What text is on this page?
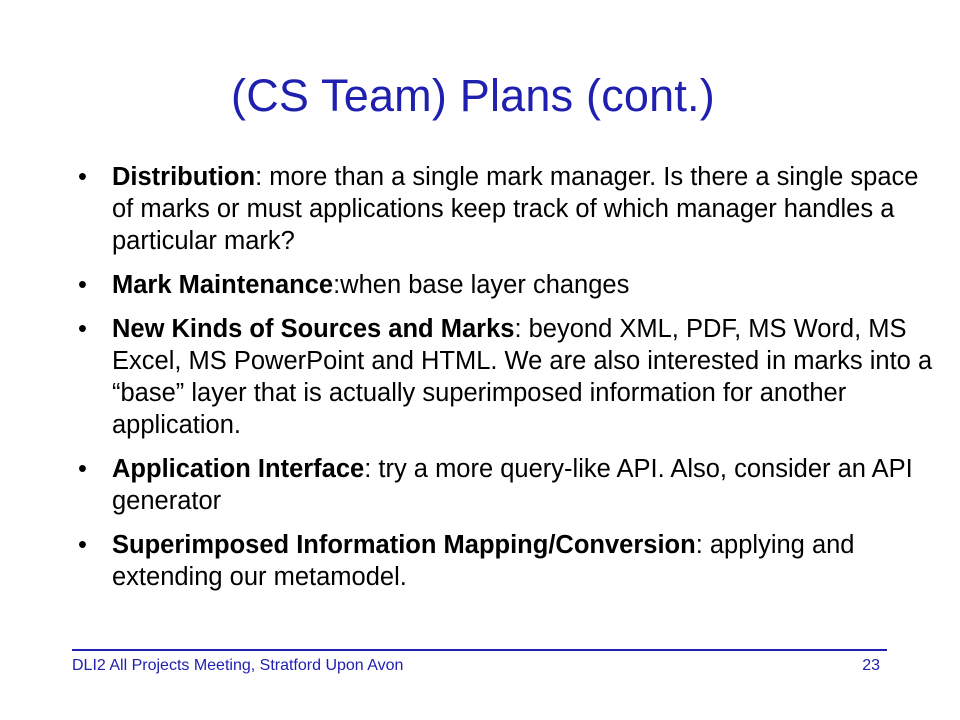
(CS Team) Plans (cont.)
• Distribution: more than a single mark manager. Is there a single space of marks or must applications keep track of which manager handles a particular mark?
• Mark Maintenance:when base layer changes
• New Kinds of Sources and Marks: beyond XML, PDF, MS Word, MS Excel, MS PowerPoint and HTML. We are also interested in marks into a “base” layer that is actually superimposed information for another application.
• Application Interface: try a more query-like API. Also, consider an API generator
• Superimposed Information Mapping/Conversion: applying and extending our metamodel.
DLI2 All Projects Meeting, Stratford Upon Avon	23
